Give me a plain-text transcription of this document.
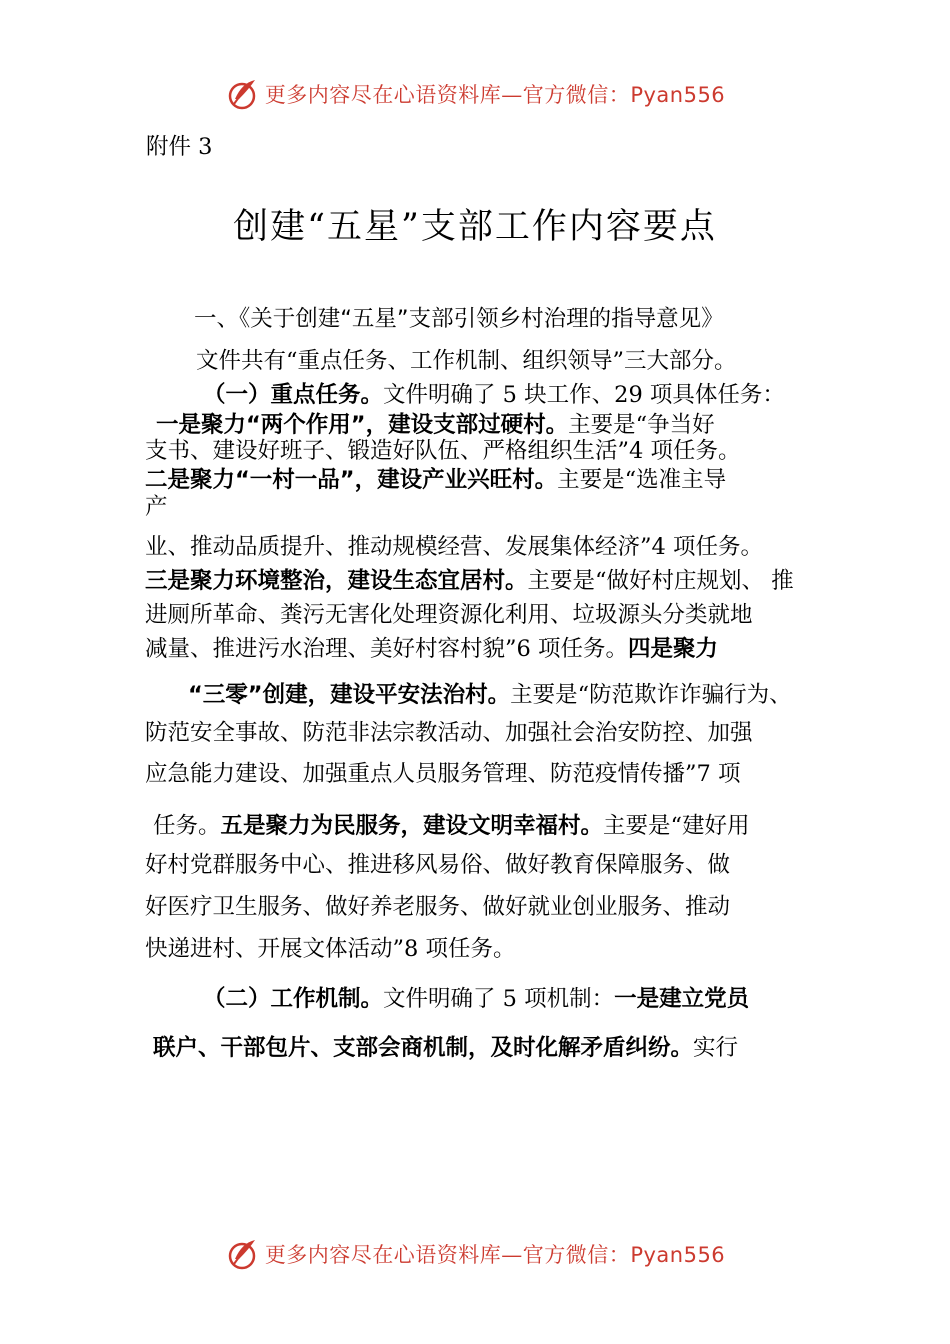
更多内容尽在心语资料库—官方微信：Pyan556
附件 3
创建“五星”支部工作内容要点
一、《关于创建“五星”支部引领乡村治理的指导意见》
文件共有“重点任务、工作机制、组织领导”三大部分。
（一）重点任务。文件明确了 5 块工作、29 项具体任务：
一是聚力“两个作用”，建设支部过硬村。主要是“争当好
支书、建设好班子、锻造好队伍、严格组织生活”4 项任务。
二是聚力“一村一品”，建设产业兴旺村。主要是“选准主导
产
业、推动品质提升、推动规模经营、发展集体经济”4 项任务。
三是聚力环境整治，建设生态宜居村。主要是“做好村庄规划、 推
进厕所革命、粪污无害化处理资源化利用、垃圾源头分类就地
减量、推进污水治理、美好村容村貌”6 项任务。四是聚力
“三零”创建，建设平安法治村。主要是“防范欺诈诈骗行为、
防范安全事故、防范非法宗教活动、加强社会治安防控、加强
应急能力建设、加强重点人员服务管理、防范疫情传播”7 项
任务。五是聚力为民服务，建设文明幸福村。主要是“建好用
好村党群服务中心、推进移风易俗、做好教育保障服务、做
好医疗卫生服务、做好养老服务、做好就业创业服务、推动
快递进村、开展文体活动”8 项任务。
（二）工作机制。文件明确了 5 项机制：一是建立党员
联户、干部包片、支部会商机制，及时化解矛盾纠纷。实行
更多内容尽在心语资料库—官方微信：Pyan556
